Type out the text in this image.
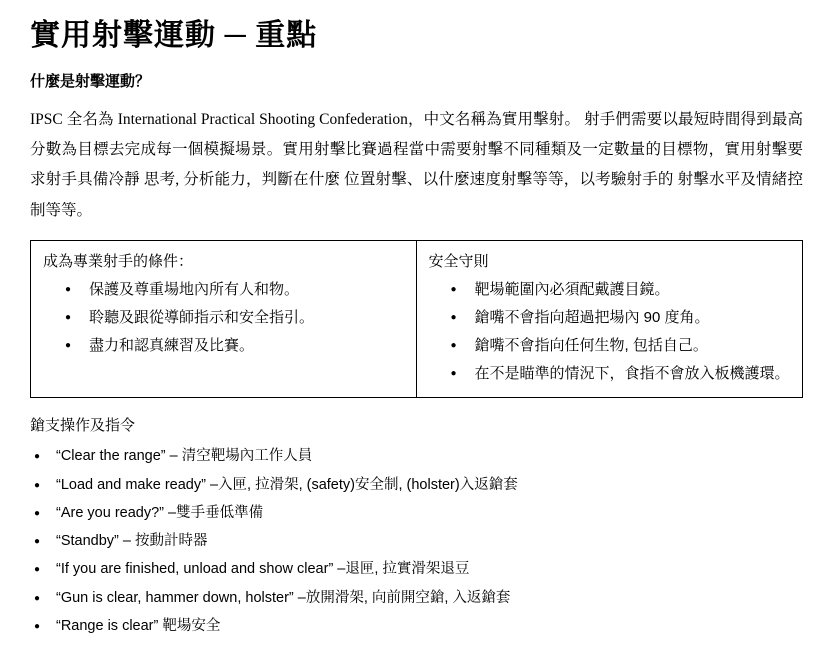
實用射擊運動 ─ 重點
什麼是射擊運動？

IPSC 全名為 International Practical Shooting Confederation，中文名稱為實用擊射。 射手們需要以最短時間得到最高分數為目標去完成每一個模擬場景。實用射擊比賽過程當中需要射擊不同種類及一定數量的目標物，實用射擊要求射手具備冷靜 思考, 分析能力，判斷在什麼 位置射擊、以什麼速度射擊等等，以考驗射手的 射擊水平及情緒控制等等。

成為專業射手的條件：
● 保護及尊重場地內所有人和物。
● 聆聽及跟從導師指示和安全指引。
● 盡力和認真練習及比賽。
安全守則
● 靶場範圍內必須配戴護目鏡。
● 鎗嘴不會指向超過把場內 90 度角。
● 鎗嘴不會指向任何生物, 包括自己。
● 在不是瞄準的情況下，食指不會放入板機護環。
鎗支操作及指令
● “Clear the range” – 清空靶場內工作人員
● “Load and make ready” –入匣, 拉滑架, (safety)安全制, (holster)入返鎗套
● “Are you ready?” –雙手垂低準備
● “Standby” – 按動計時器
● “If you are finished, unload and show clear” –退匣, 拉實滑架退豆
● “Gun is clear, hammer down, holster” –放開滑架, 向前開空鎗, 入返鎗套
● “Range is clear” 靶場安全
